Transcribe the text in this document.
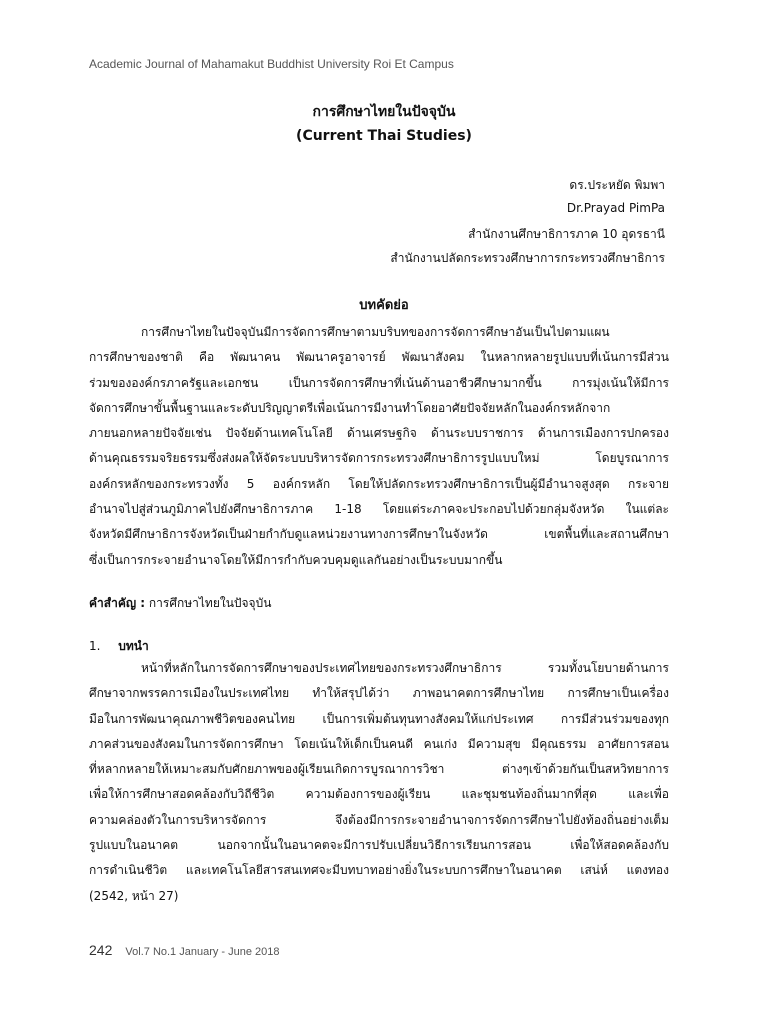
Academic Journal of Mahamakut Buddhist University Roi Et Campus
การศึกษาไทยในปัจจุบัน
(Current Thai Studies)
ดร.ประหยัด พิมพา
Dr.Prayad PimPa
สำนักงานศึกษาธิการภาค 10 อุดรธานี
สำนักงานปลัดกระทรวงศึกษาการกระทรวงศึกษาธิการ
บทคัดย่อ
การศึกษาไทยในปัจจุบันมีการจัดการศึกษาตามบริบทของการจัดการศึกษาอันเป็นไปตามแผน
การศึกษาของชาติ คือ พัฒนาคน พัฒนาครูอาจารย์ พัฒนาสังคม ในหลากหลายรูปแบบที่เน้นการมีส่วน
ร่วมขององค์กรภาครัฐและเอกชน เป็นการจัดการศึกษาที่เน้นด้านอาชีวศึกษามากขึ้น การมุ่งเน้นให้มีการ
จัดการศึกษาขั้นพื้นฐานและระดับปริญญาตรีเพื่อเน้นการมีงานทำโดยอาศัยปัจจัยหลักในองค์กรหลักจาก
ภายนอกหลายปัจจัยเช่น ปัจจัยด้านเทคโนโลยี ด้านเศรษฐกิจ ด้านระบบราชการ ด้านการเมืองการปกครอง
ด้านคุณธรรมจริยธรรมซึ่งส่งผลให้จัดระบบบริหารจัดการกระทรวงศึกษาธิการรูปแบบใหม่ โดยบูรณาการ
องค์กรหลักของกระทรวงทั้ง 5 องค์กรหลัก โดยให้ปลัดกระทรวงศึกษาธิการเป็นผู้มีอำนาจสูงสุด กระจาย
อำนาจไปสู่ส่วนภูมิภาคไปยังศึกษาธิการภาค 1-18 โดยแต่ระภาคจะประกอบไปด้วยกลุ่มจังหวัด ในแต่ละ
จังหวัดมีศึกษาธิการจังหวัดเป็นฝ่ายกำกับดูแลหน่วยงานทางการศึกษาในจังหวัด เขตพื้นที่และสถานศึกษา
ซึ่งเป็นการกระจายอำนาจโดยให้มีการกำกับควบคุมดูแลกันอย่างเป็นระบบมากขึ้น
คำสำคัญ : การศึกษาไทยในปัจจุบัน
1. บทนำ
หน้าที่หลักในการจัดการศึกษาของประเทศไทยของกระทรวงศึกษาธิการ รวมทั้งนโยบายด้านการ
ศึกษาจากพรรคการเมืองในประเทศไทย ทำให้สรุปได้ว่า ภาพอนาคตการศึกษาไทย การศึกษาเป็นเครื่อง
มือในการพัฒนาคุณภาพชีวิตของคนไทย เป็นการเพิ่มต้นทุนทางสังคมให้แก่ประเทศ การมีส่วนร่วมของทุก
ภาคส่วนของสังคมในการจัดการศึกษา โดยเน้นให้เด็กเป็นคนดี คนเก่ง มีความสุข มีคุณธรรม อาศัยการสอน
ที่หลากหลายให้เหมาะสมกับศักยภาพของผู้เรียนเกิดการบูรณาการวิชา ต่างๆเข้าด้วยกันเป็นสหวิทยาการ
เพื่อให้การศึกษาสอดคล้องกับวิถีชีวิต ความต้องการของผู้เรียน และชุมชนท้องถิ่นมากที่สุด และเพื่อ
ความคล่องตัวในการบริหารจัดการ จึงต้องมีการกระจายอำนาจการจัดการศึกษาไปยังท้องถิ่นอย่างเต็ม
รูปแบบในอนาคต นอกจากนั้นในอนาคตจะมีการปรับเปลี่ยนวิธีการเรียนการสอน เพื่อให้สอดคล้องกับ
การดำเนินชีวิต และเทคโนโลยีสารสนเทศจะมีบทบาทอย่างยิ่งในระบบการศึกษาในอนาคต เสน่ห์ แตงทอง
(2542, หน้า 27)
242 Vol.7 No.1 January - June 2018
